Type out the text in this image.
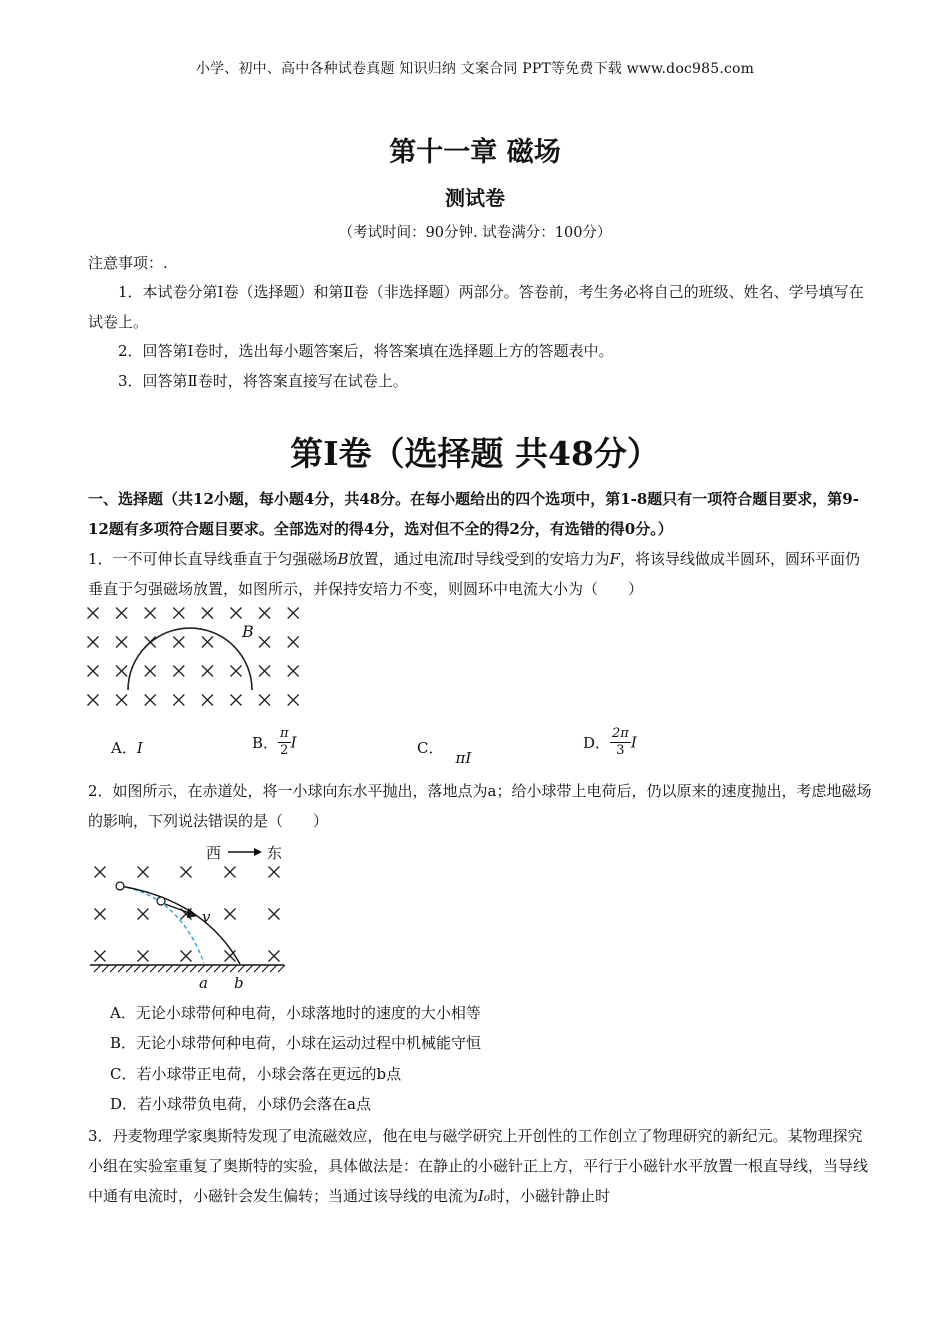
小学、初中、高中各种试卷真题 知识归纳 文案合同 PPT等免费下载 www.doc985.com
第十一章 磁场
测试卷
（考试时间：90分钟. 试卷满分：100分）
注意事项：.
1．本试卷分第Ⅰ卷（选择题）和第Ⅱ卷（非选择题）两部分。答卷前，考生务必将自己的班级、姓名、学号填写在试卷上。
2．回答第Ⅰ卷时，选出每小题答案后，将答案填在选择题上方的答题表中。
3．回答第Ⅱ卷时，将答案直接写在试卷上。
第Ⅰ卷（选择题 共48分）
一、选择题（共12小题，每小题4分，共48分。在每小题给出的四个选项中，第1-8题只有一项符合题目要求，第9-12题有多项符合题目要求。全部选对的得4分，选对但不全的得2分，有选错的得0分。）
1．一不可伸长直导线垂直于匀强磁场B放置，通过电流I时导线受到的安培力为F，将该导线做成半圆环，圆环平面仍垂直于匀强磁场放置，如图所示，并保持安培力不变，则圆环中电流大小为（　　）
B
A．I	B． $\frac{\pi}{2}$ I	C．πI
D． $\frac{2\pi}{3}$ I
2．如图所示，在赤道处，将一小球向东水平抛出，落地点为a；给小球带上电荷后，仍以原来的速度抛出，考虑地磁场的影响，下列说法错误的是（　　）
西	东
v
a b
A．无论小球带何种电荷，小球落地时的速度的大小相等
B．无论小球带何种电荷，小球在运动过程中机械能守恒
C．若小球带正电荷，小球会落在更远的b点
D．若小球带负电荷，小球仍会落在a点
3．丹麦物理学家奥斯特发现了电流磁效应，他在电与磁学研究上开创性的工作创立了物理研究的新纪元。某物理探究小组在实验室重复了奥斯特的实验，具体做法是：在静止的小磁针正上方，平行于小磁针水平放置一根直导线，当导线中通有电流时，小磁针会发生偏转；当通过该导线的电流为I₀时，小磁针静止时
